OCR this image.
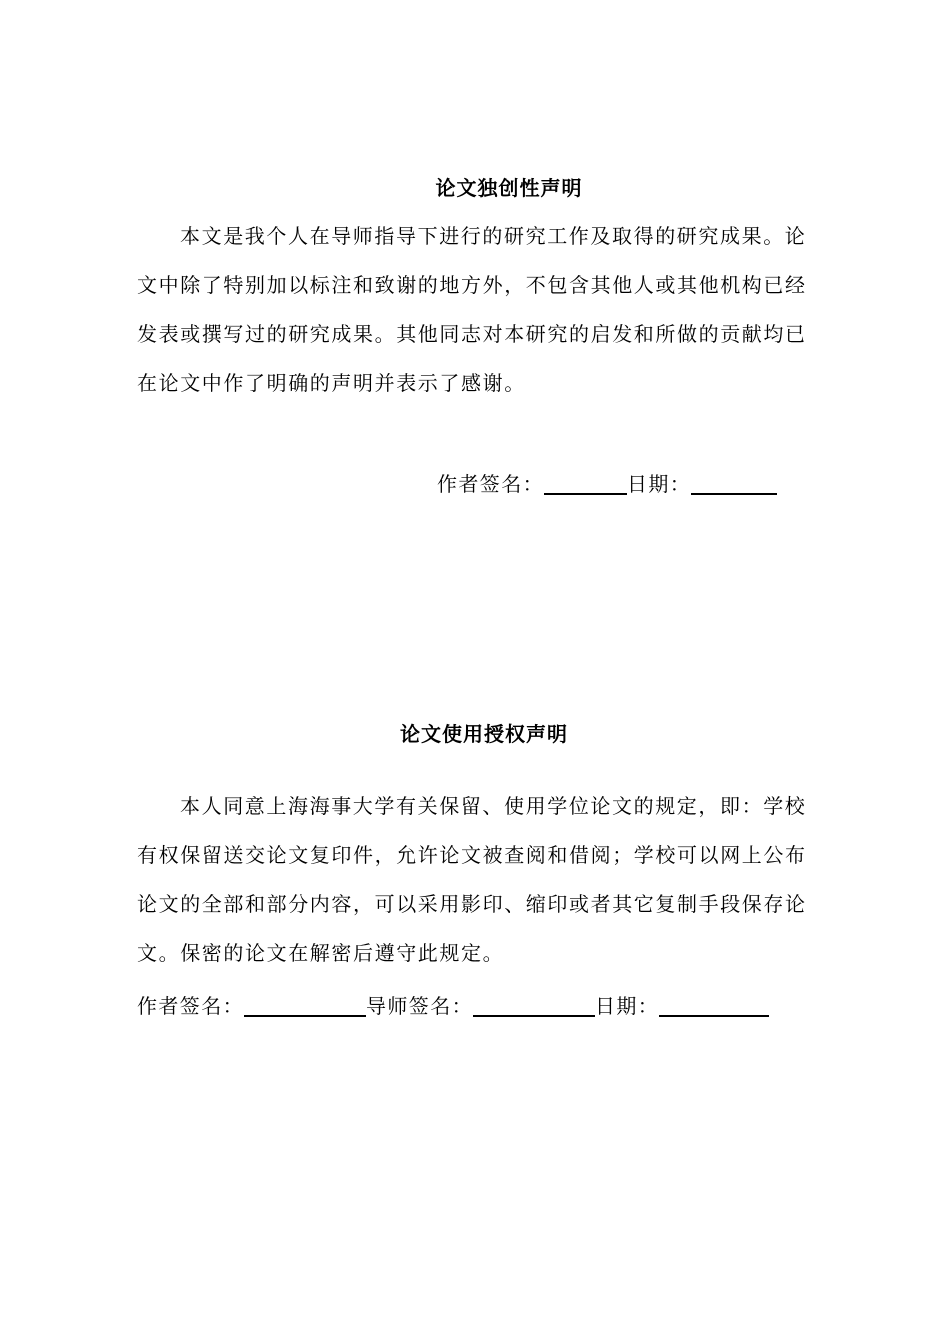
论文独创性声明
本文是我个人在导师指导下进行的研究工作及取得的研究成果。论
文中除了特别加以标注和致谢的地方外，不包含其他人或其他机构已经
发表或撰写过的研究成果。其他同志对本研究的启发和所做的贡献均已
在论文中作了明确的声明并表示了感谢。
作者签名：	日期：
论文使用授权声明
本人同意上海海事大学有关保留、使用学位论文的规定，即：学校
有权保留送交论文复印件，允许论文被查阅和借阅；学校可以网上公布
论文的全部和部分内容，可以采用影印、缩印或者其它复制手段保存论
文。保密的论文在解密后遵守此规定。
作者签名：	导师签名：	日期：
